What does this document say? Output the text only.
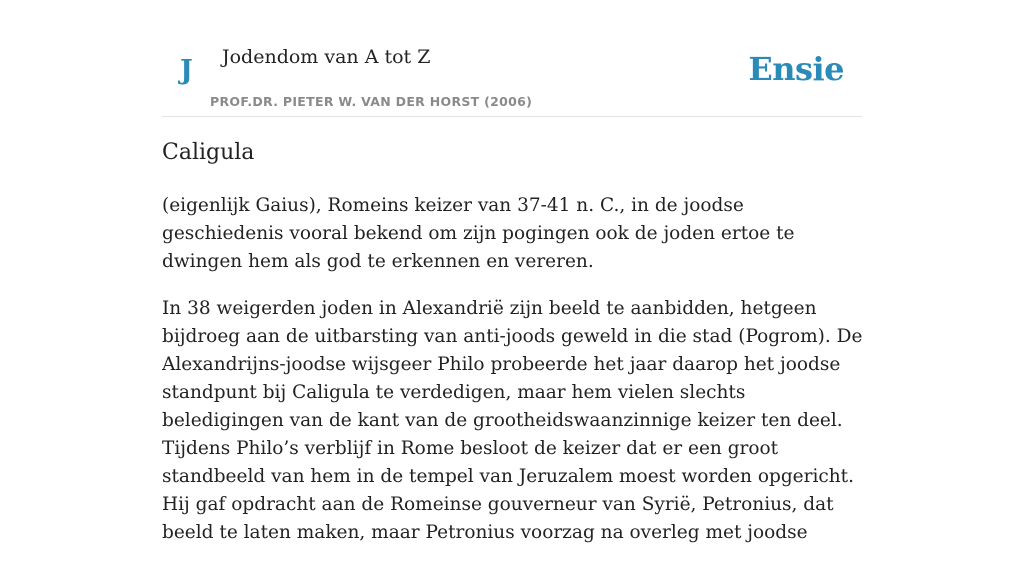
J Jodendom van A tot Z
PROF.DR. PIETER W. VAN DER HORST (2006)
Ensie
Caligula

(eigenlijk Gaius), Romeins keizer van 37-41 n. C., in de joodse geschiedenis vooral bekend om zijn pogingen ook de joden ertoe te dwingen hem als god te erkennen en vereren.

In 38 weigerden joden in Alexandrië zijn beeld te aanbidden, hetgeen bijdroeg aan de uitbarsting van anti-joods geweld in die stad (Pogrom). De Alexandrijns-joodse wijsgeer Philo probeerde het jaar daarop het joodse standpunt bij Caligula te verdedigen, maar hem vielen slechts beledigingen van de kant van de grootheidswaanzinnige keizer ten deel. Tijdens Philo’s verblijf in Rome besloot de keizer dat er een groot standbeeld van hem in de tempel van Jeruzalem moest worden opgericht. Hij gaf opdracht aan de Romeinse gouverneur van Syrië, Petronius, dat beeld te laten maken, maar Petronius voorzag na overleg met joodse
